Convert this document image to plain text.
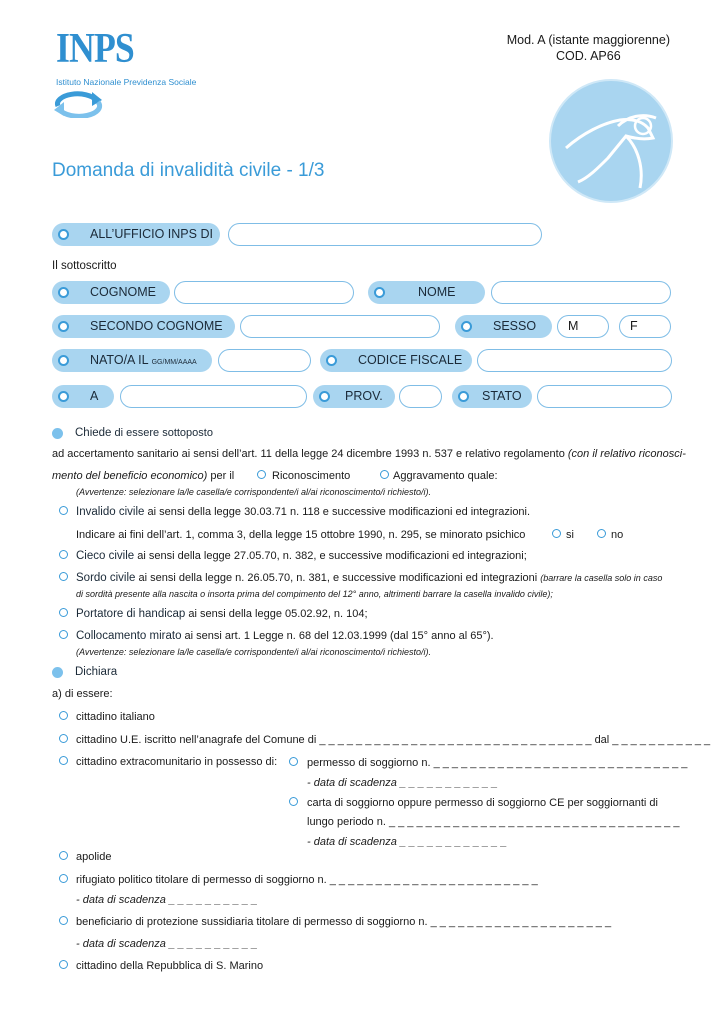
INPS
Istituto Nazionale Previdenza Sociale
Mod. A (istante maggiorenne)
COD. AP66
Domanda di invalidità civile - 1/3
ALL’UFFICIO INPS DI
Il sottoscritto
COGNOME	NOME
SECONDO COGNOME	SESSO	M	F
NATO/A IL GG/MM/AAAA	CODICE FISCALE
A	PROV.	STATO
Chiede di essere sottoposto
ad accertamento sanitario ai sensi dell’art. 11 della legge 24 dicembre 1993 n. 537 e relativo regolamento (con il relativo riconosci-
mento del beneficio economico) per il	Riconoscimento	Aggravamento quale:
(Avvertenze: selezionare la/le casella/e corrispondente/i al/ai riconoscimento/i richiesto/i).
Invalido civile ai sensi della legge 30.03.71 n. 118 e successive modificazioni ed integrazioni.
Indicare ai fini dell’art. 1, comma 3, della legge 15 ottobre 1990, n. 295, se minorato psichico	si	no
Cieco civile ai sensi della legge 27.05.70, n. 382, e successive modificazioni ed integrazioni;
Sordo civile ai sensi della legge n. 26.05.70, n. 381, e successive modificazioni ed integrazioni (barrare la casella solo in caso
di sordità presente alla nascita o insorta prima del compimento del 12° anno, altrimenti barrare la casella invalido civile);
Portatore di handicap ai sensi della legge 05.02.92, n. 104;
Collocamento mirato ai sensi art. 1 Legge n. 68 del 12.03.1999 (dal 15° anno al 65°).
(Avvertenze: selezionare la/le casella/e corrispondente/i al/ai riconoscimento/i richiesto/i).
Dichiara
a) di essere:
cittadino italiano
cittadino U.E. iscritto nell’anagrafe del Comune di _ _ _ _ _ _ _ _ _ _ _ _ _ _ _ _ _ _ _ _ _ _ _ _ _ _ _ _ _ _ dal _ _ _ _ _ _ _ _ _ _ _
cittadino extracomunitario in possesso di:	permesso di soggiorno n. _ _ _ _ _ _ _ _ _ _ _ _ _ _ _ _ _ _ _ _ _ _ _ _ _ _ _ _
- data di scadenza _ _ _ _ _ _ _ _ _ _ _
carta di soggiorno oppure permesso di soggiorno CE per soggiornanti di
lungo periodo n. _ _ _ _ _ _ _ _ _ _ _ _ _ _ _ _ _ _ _ _ _ _ _ _ _ _ _ _ _ _ _ _
- data di scadenza _ _ _ _ _ _ _ _ _ _ _ _
apolide
rifugiato politico titolare di permesso di soggiorno n. _ _ _ _ _ _ _ _ _ _ _ _ _ _ _ _ _ _ _ _ _ _ _
- data di scadenza _ _ _ _ _ _ _ _ _ _
beneficiario di protezione sussidiaria titolare di permesso di soggiorno n. _ _ _ _ _ _ _ _ _ _ _ _ _ _ _ _ _ _ _ _
- data di scadenza _ _ _ _ _ _ _ _ _ _
cittadino della Repubblica di S. Marino
